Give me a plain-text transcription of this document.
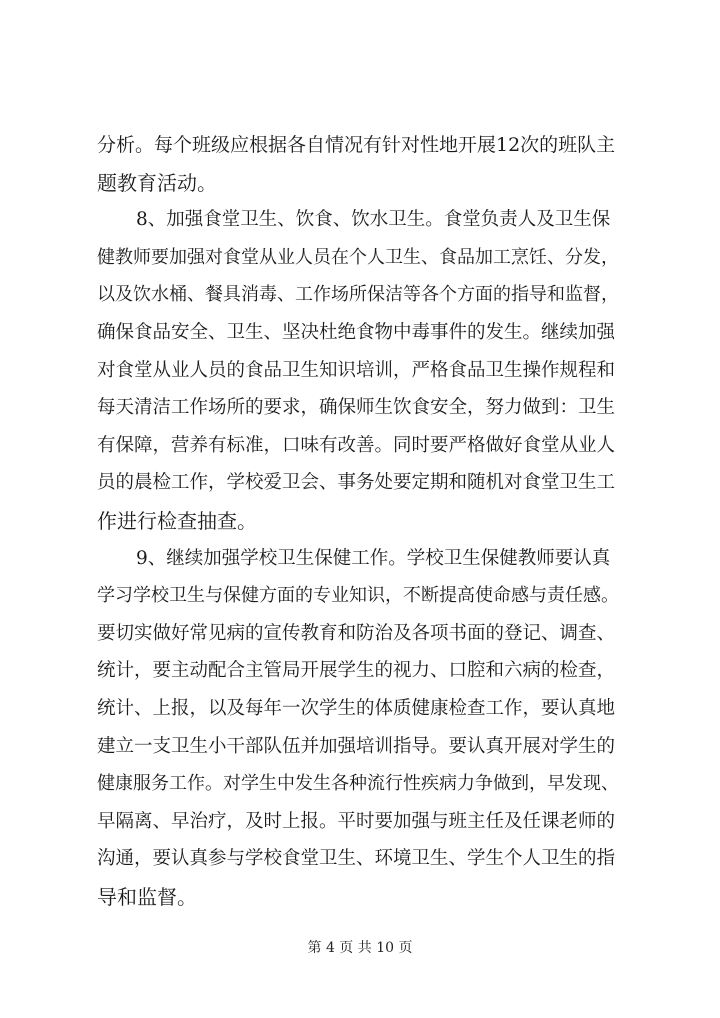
分析。每个班级应根据各自情况有针对性地开展12次的班队主
题教育活动。
8、加强食堂卫生、饮食、饮水卫生。食堂负责人及卫生保
健教师要加强对食堂从业人员在个人卫生、食品加工烹饪、分发，
以及饮水桶、餐具消毒、工作场所保洁等各个方面的指导和监督，
确保食品安全、卫生、坚决杜绝食物中毒事件的发生。继续加强
对食堂从业人员的食品卫生知识培训，严格食品卫生操作规程和
每天清洁工作场所的要求，确保师生饮食安全，努力做到：卫生
有保障，营养有标准，口味有改善。同时要严格做好食堂从业人
员的晨检工作，学校爱卫会、事务处要定期和随机对食堂卫生工
作进行检查抽查。
9、继续加强学校卫生保健工作。学校卫生保健教师要认真
学习学校卫生与保健方面的专业知识，不断提高使命感与责任感。
要切实做好常见病的宣传教育和防治及各项书面的登记、调查、
统计，要主动配合主管局开展学生的视力、口腔和六病的检查，
统计、上报，以及每年一次学生的体质健康检查工作，要认真地
建立一支卫生小干部队伍并加强培训指导。要认真开展对学生的
健康服务工作。对学生中发生各种流行性疾病力争做到，早发现、
早隔离、早治疗，及时上报。平时要加强与班主任及任课老师的
沟通，要认真参与学校食堂卫生、环境卫生、学生个人卫生的指
导和监督。
第 4 页 共 10 页
